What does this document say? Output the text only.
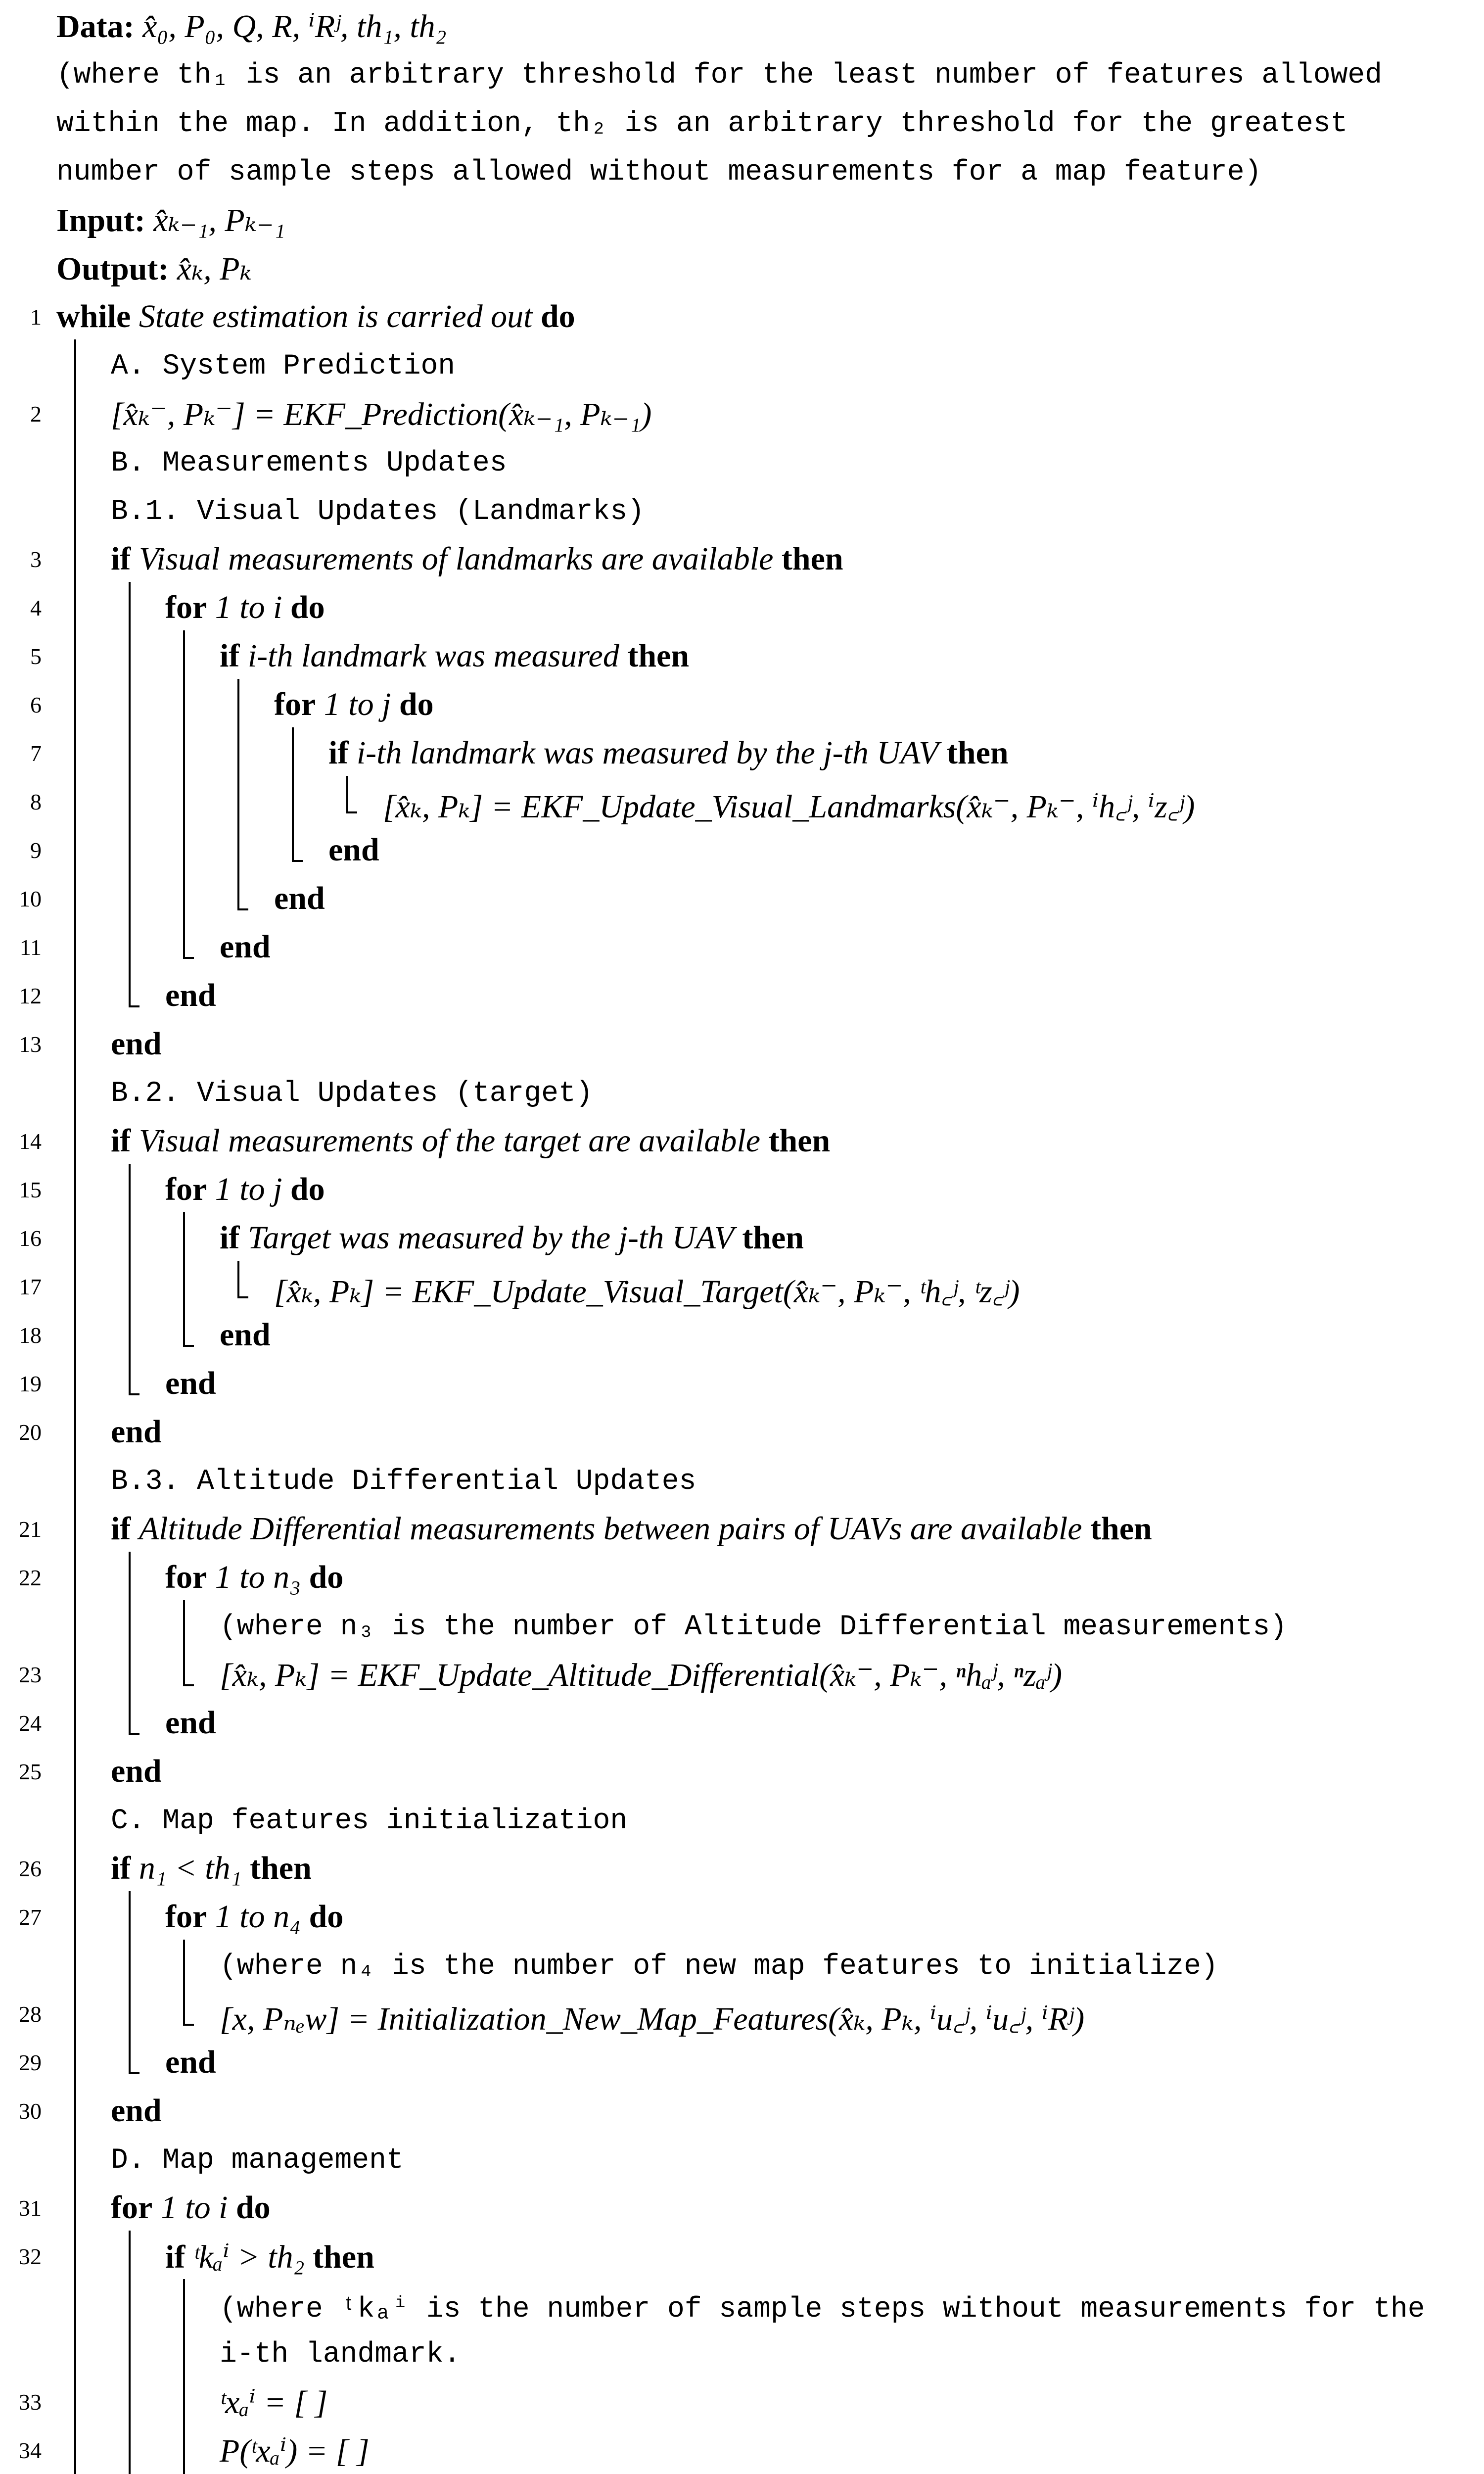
Data: x̂₀, P₀, Q, R, ⁱRʲ, th₁, th₂
(where th₁ is an arbitrary threshold for the least number of features allowed
within the map. In addition, th₂ is an arbitrary threshold for the greatest
number of sample steps allowed without measurements for a map feature)
Input: x̂ₖ₋₁, Pₖ₋₁
Output: x̂ₖ, Pₖ
1 while State estimation is carried out do
A. System Prediction
2 [x̂ₖ⁻, Pₖ⁻] = EKF_Prediction(x̂ₖ₋₁, Pₖ₋₁)
B. Measurements Updates
B.1. Visual Updates (Landmarks)
3 if Visual measurements of landmarks are available then
4	for 1 to i do
5	if i-th landmark was measured then
6	for 1 to j do
7	if i-th landmark was measured by the j-th UAV then
8	[x̂ₖ, Pₖ] = EKF_Update_Visual_Landmarks(x̂ₖ⁻, Pₖ⁻, ⁱh꜀ʲ, ⁱz꜀ʲ)
9	end
10	end
11	end
12	end
13 end
B.2. Visual Updates (target)
14 if Visual measurements of the target are available then
15	for 1 to j do
16	if Target was measured by the j-th UAV then
17	[x̂ₖ, Pₖ] = EKF_Update_Visual_Target(x̂ₖ⁻, Pₖ⁻, ᵗh꜀ʲ, ᵗz꜀ʲ)
18	end
19	end
20 end
B.3. Altitude Differential Updates
21 if Altitude Differential measurements between pairs of UAVs are available then
22	for 1 to n₃ do
(where n₃ is the number of Altitude Differential measurements)
23	[x̂ₖ, Pₖ] = EKF_Update_Altitude_Differential(x̂ₖ⁻, Pₖ⁻, ⁿhₐʲ, ⁿzₐʲ)
24	end
25 end
C. Map features initialization
26 if n₁ < th₁ then
27	for 1 to n₄ do
(where n₄ is the number of new map features to initialize)
28	[x, Pₙₑw] = Initialization_New_Map_Features(x̂ₖ, Pₖ, ⁱu꜀ʲ, ⁱu꜀ʲ, ⁱRʲ)
29	end
30 end
D. Map management
31 for 1 to i do
32	if ᵗkₐⁱ > th₂ then
(where ᵗkₐⁱ is the number of sample steps without measurements for the
i-th landmark.
33	ᵗxₐⁱ = [ ]
34	P(ᵗxₐⁱ) = [ ]
